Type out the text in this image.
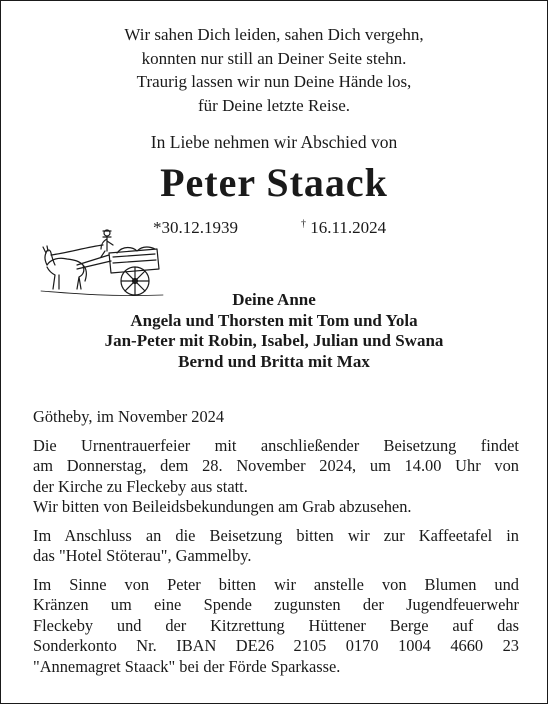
Wir sahen Dich leiden, sahen Dich vergehn,
konnten nur still an Deiner Seite stehn.
Traurig lassen wir nun Deine Hände los,
für Deine letzte Reise.
In Liebe nehmen wir Abschied von
Peter Staack
*30.12.1939	† 16.11.2024
Deine Anne
Angela und Thorsten mit Tom und Yola
Jan-Peter mit Robin, Isabel, Julian und Swana
Bernd und Britta mit Max
Götheby, im November 2024
Die Urnentrauerfeier mit anschließender Beisetzung findet
am Donnerstag, dem 28. November 2024, um 14.00 Uhr von
der Kirche zu Fleckeby aus statt.
Wir bitten von Beileidsbekundungen am Grab abzusehen.
Im Anschluss an die Beisetzung bitten wir zur Kaffeetafel in
das "Hotel Stöterau", Gammelby.
Im Sinne von Peter bitten wir anstelle von Blumen und
Kränzen um eine Spende zugunsten der Jugendfeuerwehr
Fleckeby und der Kitzrettung Hüttener Berge auf das
Sonderkonto Nr. IBAN DE26 2105 0170 1004 4660 23
"Annemagret Staack" bei der Förde Sparkasse.
